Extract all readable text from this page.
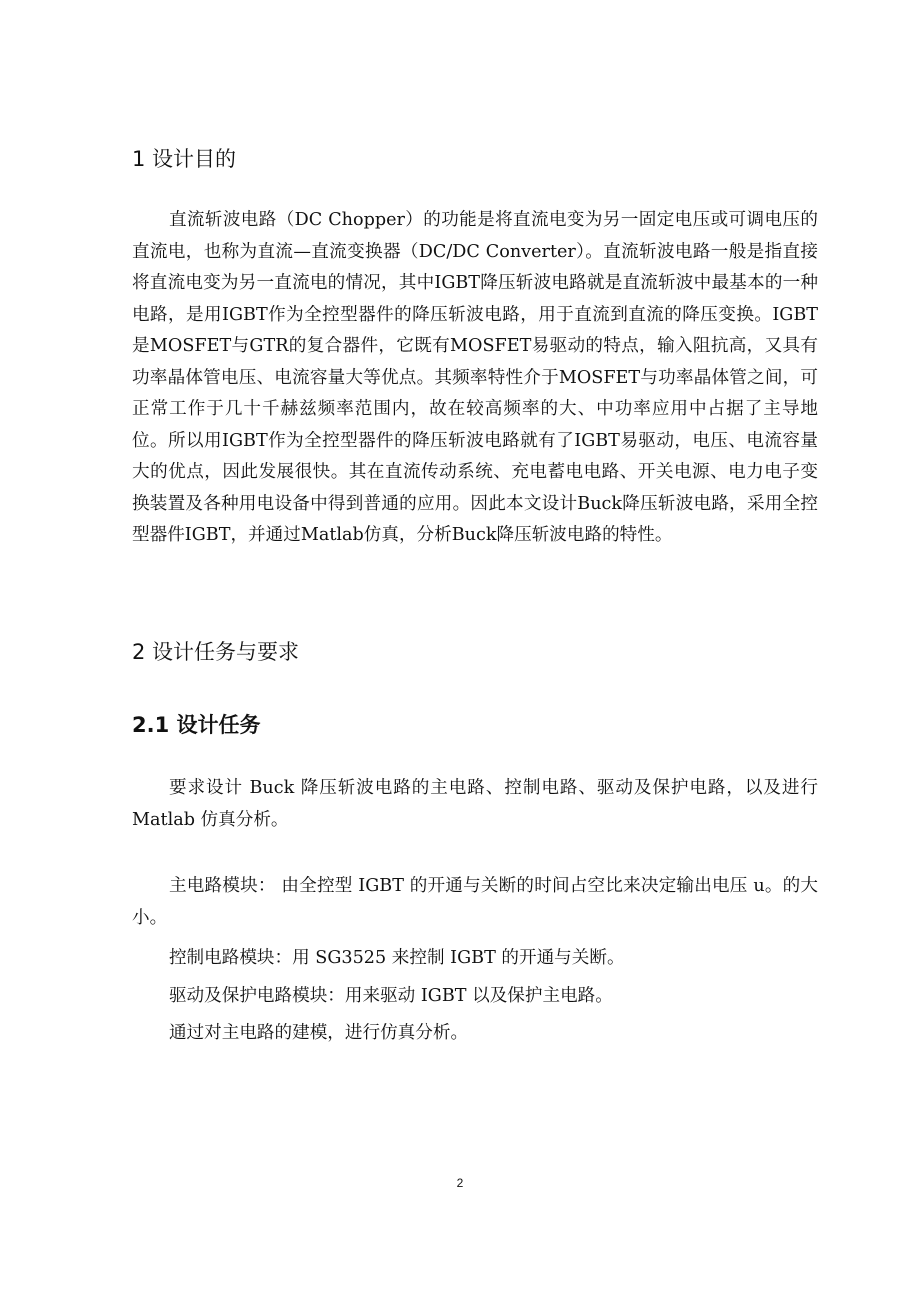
1 设计目的

直流斩波电路（DC Chopper）的功能是将直流电变为另一固定电压或可调电压的直流电，也称为直流—直流变换器（DC/DC Converter）。直流斩波电路一般是指直接将直流电变为另一直流电的情况，其中IGBT降压斩波电路就是直流斩波中最基本的一种电路，是用IGBT作为全控型器件的降压斩波电路，用于直流到直流的降压变换。IGBT是MOSFET与GTR的复合器件，它既有MOSFET易驱动的特点，输入阻抗高，又具有功率晶体管电压、电流容量大等优点。其频率特性介于MOSFET与功率晶体管之间，可正常工作于几十千赫兹频率范围内，故在较高频率的大、中功率应用中占据了主导地位。所以用IGBT作为全控型器件的降压斩波电路就有了IGBT易驱动，电压、电流容量大的优点，因此发展很快。其在直流传动系统、充电蓄电电路、开关电源、电力电子变换装置及各种用电设备中得到普通的应用。因此本文设计Buck降压斩波电路，采用全控型器件IGBT，并通过Matlab仿真，分析Buck降压斩波电路的特性。

2 设计任务与要求
2.1 设计任务

要求设计 Buck 降压斩波电路的主电路、控制电路、驱动及保护电路，以及进行Matlab 仿真分析。

主电路模块： 由全控型 IGBT 的开通与关断的时间占空比来决定输出电压 u。的大小。

控制电路模块：用 SG3525 来控制 IGBT 的开通与关断。

驱动及保护电路模块：用来驱动 IGBT 以及保护主电路。

通过对主电路的建模，进行仿真分析。

2
